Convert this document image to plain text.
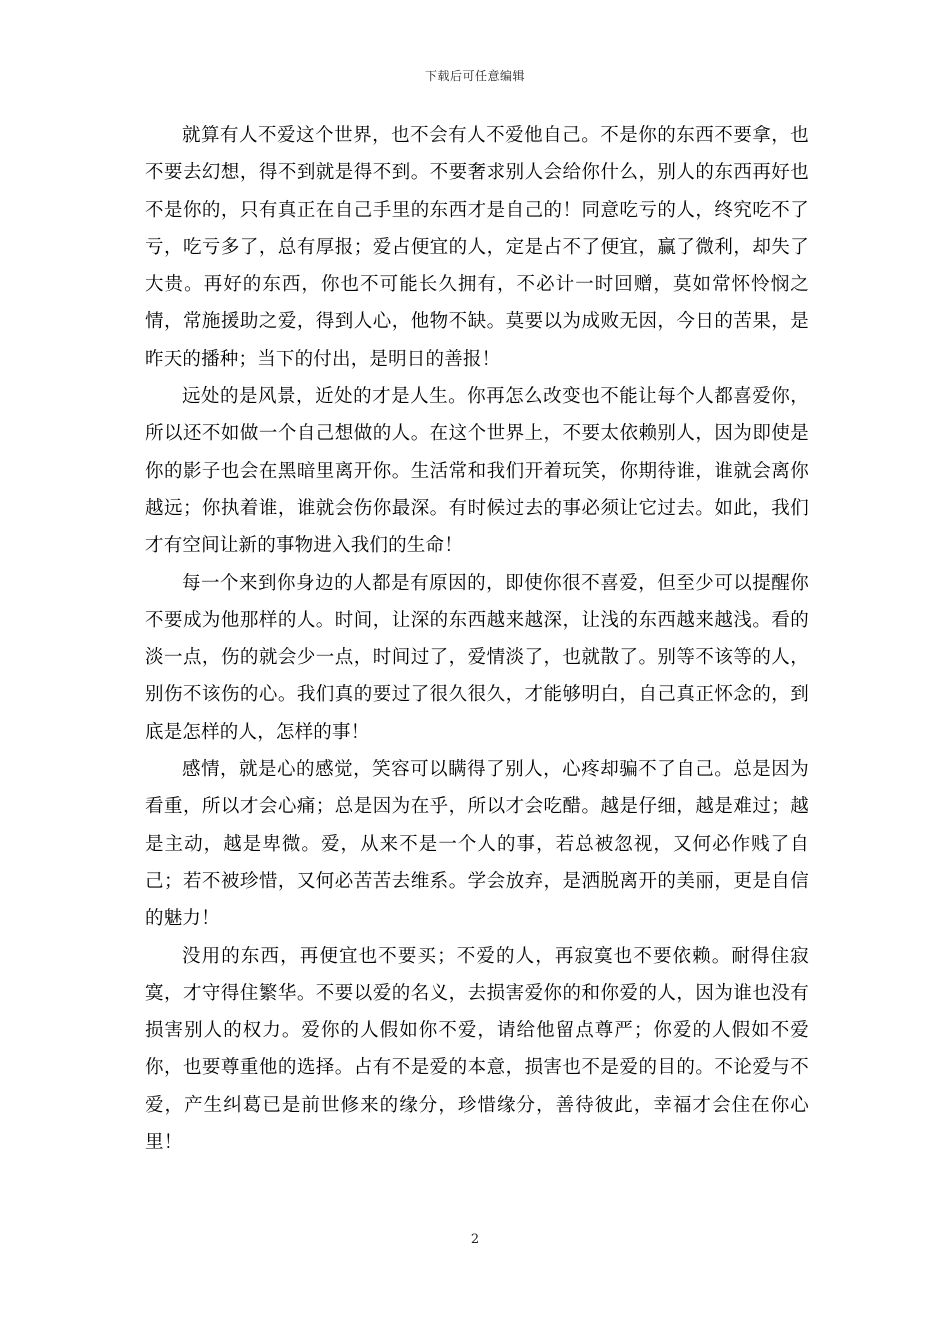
下载后可任意编辑

就算有人不爱这个世界，也不会有人不爱他自己。不是你的东西不要拿，也不要去幻想，得不到就是得不到。不要奢求别人会给你什么，别人的东西再好也不是你的，只有真正在自己手里的东西才是自己的！同意吃亏的人，终究吃不了亏，吃亏多了，总有厚报；爱占便宜的人，定是占不了便宜，赢了微利，却失了大贵。再好的东西，你也不可能长久拥有，不必计一时回赠，莫如常怀怜悯之情，常施援助之爱，得到人心，他物不缺。莫要以为成败无因，今日的苦果，是昨天的播种；当下的付出，是明日的善报！

远处的是风景，近处的才是人生。你再怎么改变也不能让每个人都喜爱你，所以还不如做一个自己想做的人。在这个世界上，不要太依赖别人，因为即使是你的影子也会在黑暗里离开你。生活常和我们开着玩笑，你期待谁，谁就会离你越远；你执着谁，谁就会伤你最深。有时候过去的事必须让它过去。如此，我们才有空间让新的事物进入我们的生命！

每一个来到你身边的人都是有原因的，即使你很不喜爱，但至少可以提醒你不要成为他那样的人。时间，让深的东西越来越深，让浅的东西越来越浅。看的淡一点，伤的就会少一点，时间过了，爱情淡了，也就散了。别等不该等的人，别伤不该伤的心。我们真的要过了很久很久，才能够明白，自己真正怀念的，到底是怎样的人，怎样的事！

感情，就是心的感觉，笑容可以瞒得了别人，心疼却骗不了自己。总是因为看重，所以才会心痛；总是因为在乎，所以才会吃醋。越是仔细，越是难过；越是主动，越是卑微。爱，从来不是一个人的事，若总被忽视，又何必作贱了自己；若不被珍惜，又何必苦苦去维系。学会放弃，是洒脱离开的美丽，更是自信的魅力！

没用的东西，再便宜也不要买；不爱的人，再寂寞也不要依赖。耐得住寂寞，才守得住繁华。不要以爱的名义，去损害爱你的和你爱的人，因为谁也没有损害别人的权力。爱你的人假如你不爱，请给他留点尊严；你爱的人假如不爱你，也要尊重他的选择。占有不是爱的本意，损害也不是爱的目的。不论爱与不爱，产生纠葛已是前世修来的缘分，珍惜缘分，善待彼此，幸福才会住在你心里！

2
